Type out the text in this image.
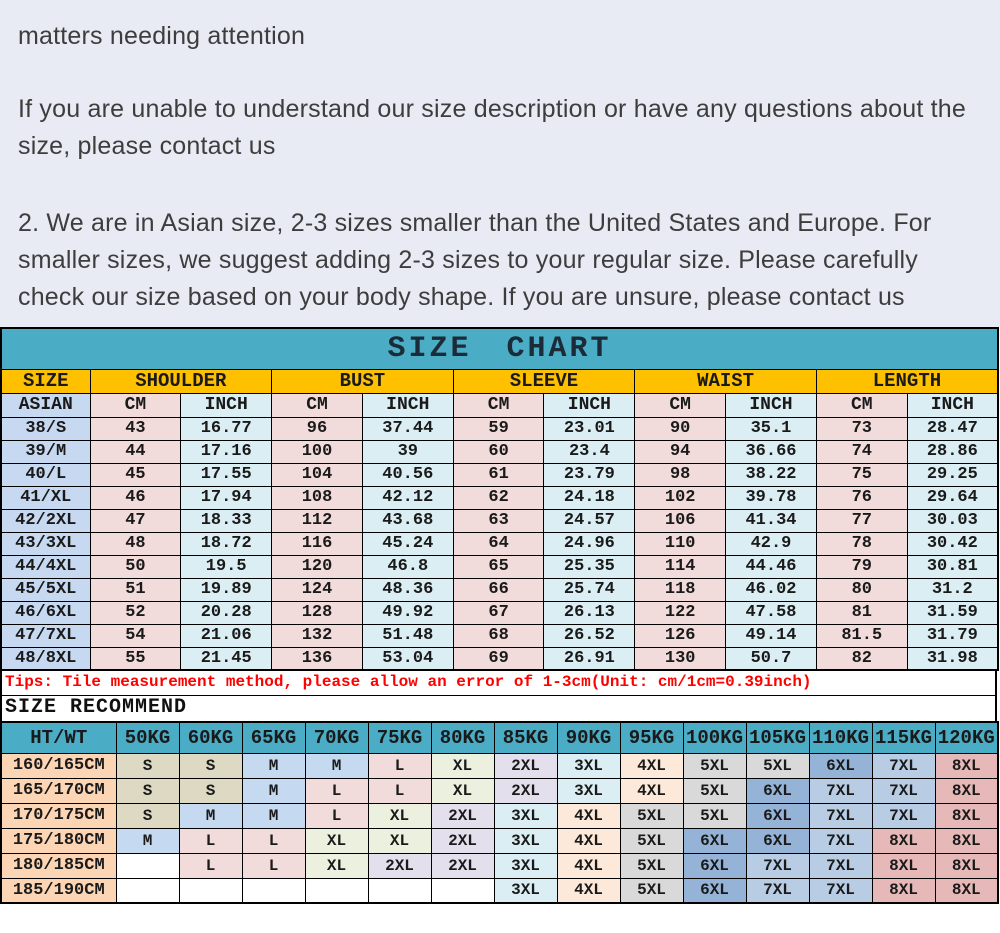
matters needing attention

If you are unable to understand our size description or have any questions about the size, please contact us

2. We are in Asian size, 2-3 sizes smaller than the United States and Europe. For smaller sizes, we suggest adding 2-3 sizes to your regular size. Please carefully check our size based on your body shape. If you are unsure, please contact us

SIZE CHART										
SIZE	SHOULDER		BUST		SLEEVE		WAIST		LENGTH	
ASIAN	CM	INCH	CM	INCH	CM	INCH	CM	INCH	CM	INCH
38/S	43	16.77	96	37.44	59	23.01	90	35.1	73	28.47
39/M	44	17.16	100	39	60	23.4	94	36.66	74	28.86
40/L	45	17.55	104	40.56	61	23.79	98	38.22	75	29.25
41/XL	46	17.94	108	42.12	62	24.18	102	39.78	76	29.64
42/2XL	47	18.33	112	43.68	63	24.57	106	41.34	77	30.03
43/3XL	48	18.72	116	45.24	64	24.96	110	42.9	78	30.42
44/4XL	50	19.5	120	46.8	65	25.35	114	44.46	79	30.81
45/5XL	51	19.89	124	48.36	66	25.74	118	46.02	80	31.2
46/6XL	52	20.28	128	49.92	67	26.13	122	47.58	81	31.59
47/7XL	54	21.06	132	51.48	68	26.52	126	49.14	81.5	31.79
48/8XL	55	21.45	136	53.04	69	26.91	130	50.7	82	31.98
Tips: Tile measurement method, please allow an error of 1-3cm(Unit: cm/1cm=0.39inch)
SIZE RECOMMEND
HT/WT	50KG	60KG	65KG	70KG	75KG	80KG	85KG	90KG	95KG	100KG	105KG	110KG	115KG	120KG
160/165CM	S	S	M	M	L	XL	2XL	3XL	4XL	5XL	5XL	6XL	7XL	8XL
165/170CM	S	S	M	L	L	XL	2XL	3XL	4XL	5XL	6XL	7XL	7XL	8XL
170/175CM	S	M	M	L	XL	2XL	3XL	4XL	5XL	5XL	6XL	7XL	7XL	8XL
175/180CM	M	L	L	XL	XL	2XL	3XL	4XL	5XL	6XL	6XL	7XL	8XL	8XL
180/185CM		L	L	XL	2XL	2XL	3XL	4XL	5XL	6XL	7XL	7XL	8XL	8XL
185/190CM							3XL	4XL	5XL	6XL	7XL	7XL	8XL	8XL
